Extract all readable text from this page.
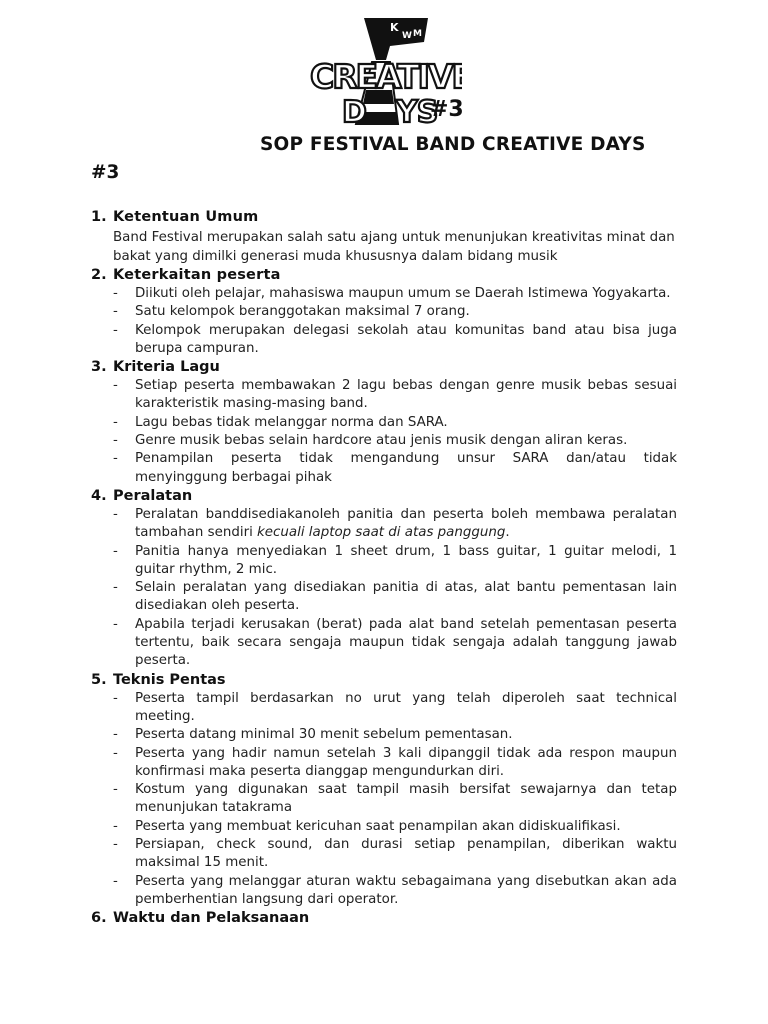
K
W M
CREATIVE
D YS
#3
SOP FESTIVAL BAND CREATIVE DAYS
#3
1. Ketentuan Umum

Band Festival merupakan salah satu ajang untuk menunjukan kreativitas minat dan bakat yang dimilki generasi muda khususnya dalam bidang musik

2. Keterkaitan peserta
-	Diikuti oleh pelajar, mahasiswa maupun umum se Daerah Istimewa Yogyakarta.
-	Satu kelompok beranggotakan maksimal 7 orang.
-	Kelompok merupakan delegasi sekolah atau komunitas band atau bisa juga berupa campuran.
3. Kriteria Lagu
-	Setiap peserta membawakan 2 lagu bebas dengan genre musik bebas sesuai karakteristik masing-masing band.
-	Lagu bebas tidak melanggar norma dan SARA.
-	Genre musik bebas selain hardcore atau jenis musik dengan aliran keras.
-	Penampilan peserta tidak mengandung unsur SARA dan/atau tidak menyinggung berbagai pihak
4. Peralatan
-	Peralatan banddisediakanoleh panitia dan peserta boleh membawa peralatan tambahan sendiri kecuali laptop saat di atas panggung.
-	Panitia hanya menyediakan 1 sheet drum, 1 bass guitar, 1 guitar melodi, 1 guitar rhythm, 2 mic.
-	Selain peralatan yang disediakan panitia di atas, alat bantu pementasan lain disediakan oleh peserta.
-	Apabila terjadi kerusakan (berat) pada alat band setelah pementasan peserta tertentu, baik secara sengaja maupun tidak sengaja adalah tanggung jawab peserta.
5. Teknis Pentas
-	Peserta tampil berdasarkan no urut yang telah diperoleh saat technical meeting.
-	Peserta datang minimal 30 menit sebelum pementasan.
-	Peserta yang hadir namun setelah 3 kali dipanggil tidak ada respon maupun konfirmasi maka peserta dianggap mengundurkan diri.
-	Kostum yang digunakan saat tampil masih bersifat sewajarnya dan tetap menunjukan tatakrama
-	Peserta yang membuat kericuhan saat penampilan akan didiskualifikasi.
-	Persiapan, check sound, dan durasi setiap penampilan, diberikan waktu maksimal 15 menit.
-	Peserta yang melanggar aturan waktu sebagaimana yang disebutkan akan ada pemberhentian langsung dari operator.
6. Waktu dan Pelaksanaan
